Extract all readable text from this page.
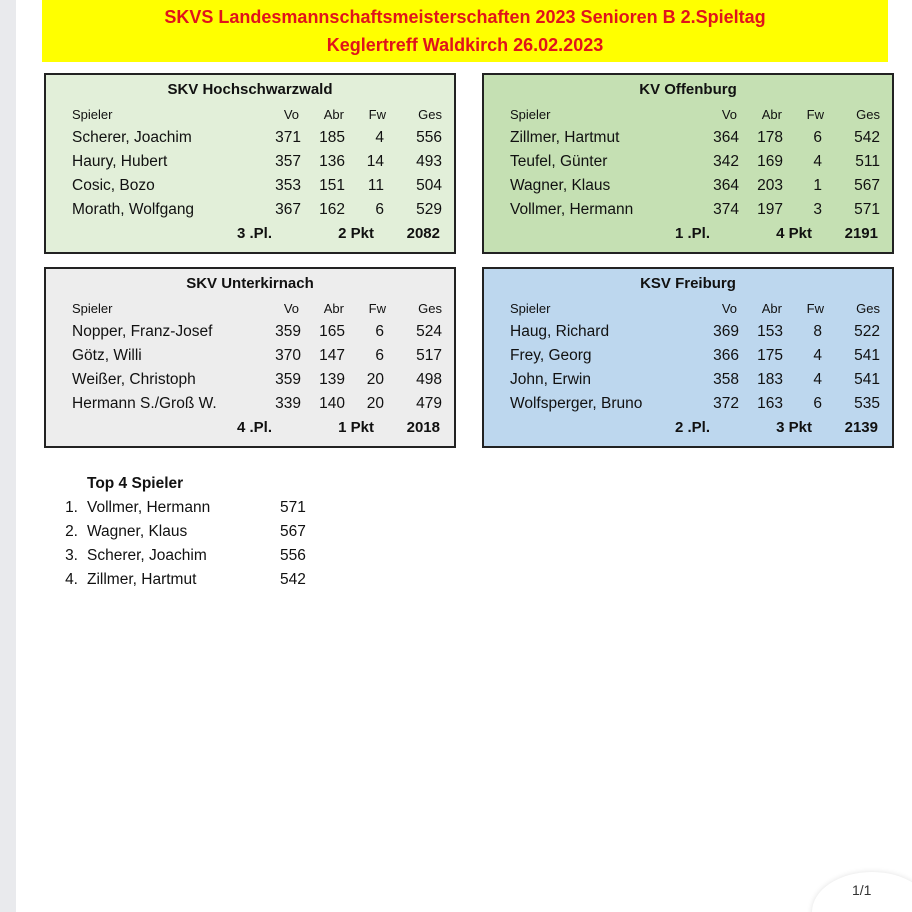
SKVS Landesmannschaftsmeisterschaften 2023 Senioren B 2.Spieltag
Keglertreff Waldkirch 26.02.2023
SKV Hochschwarzwald
Spieler	Vo Abr Fw Ges
Scherer, Joachim	371 185 4 556
Haury, Hubert	357 136 14 493
Cosic, Bozo	353 151 11 504
Morath, Wolfgang	367 162 6 529
3 .Pl.	2 Pkt 2082
KV Offenburg
Spieler	Vo Abr Fw Ges
Zillmer, Hartmut	364 178 6 542
Teufel, Günter	342 169 4 511
Wagner, Klaus	364 203 1 567
Vollmer, Hermann	374 197 3 571
1 .Pl.	4 Pkt 2191
SKV Unterkirnach
Spieler	Vo Abr Fw Ges
Nopper, Franz-Josef	359 165 6 524
Götz, Willi	370 147 6 517
Weißer, Christoph	359 139 20 498
Hermann S./Groß W.	339 140 20 479
4 .Pl.	1 Pkt 2018
KSV Freiburg
Spieler	Vo Abr Fw Ges
Haug, Richard	369 153 8 522
Frey, Georg	366 175 4 541
John, Erwin	358 183 4 541
Wolfsperger, Bruno	372 163 6 535
2 .Pl.	3 Pkt 2139
Top 4 Spieler
1. Vollmer, Hermann	571
2. Wagner, Klaus	567
3. Scherer, Joachim	556
4. Zillmer, Hartmut	542
1/1
